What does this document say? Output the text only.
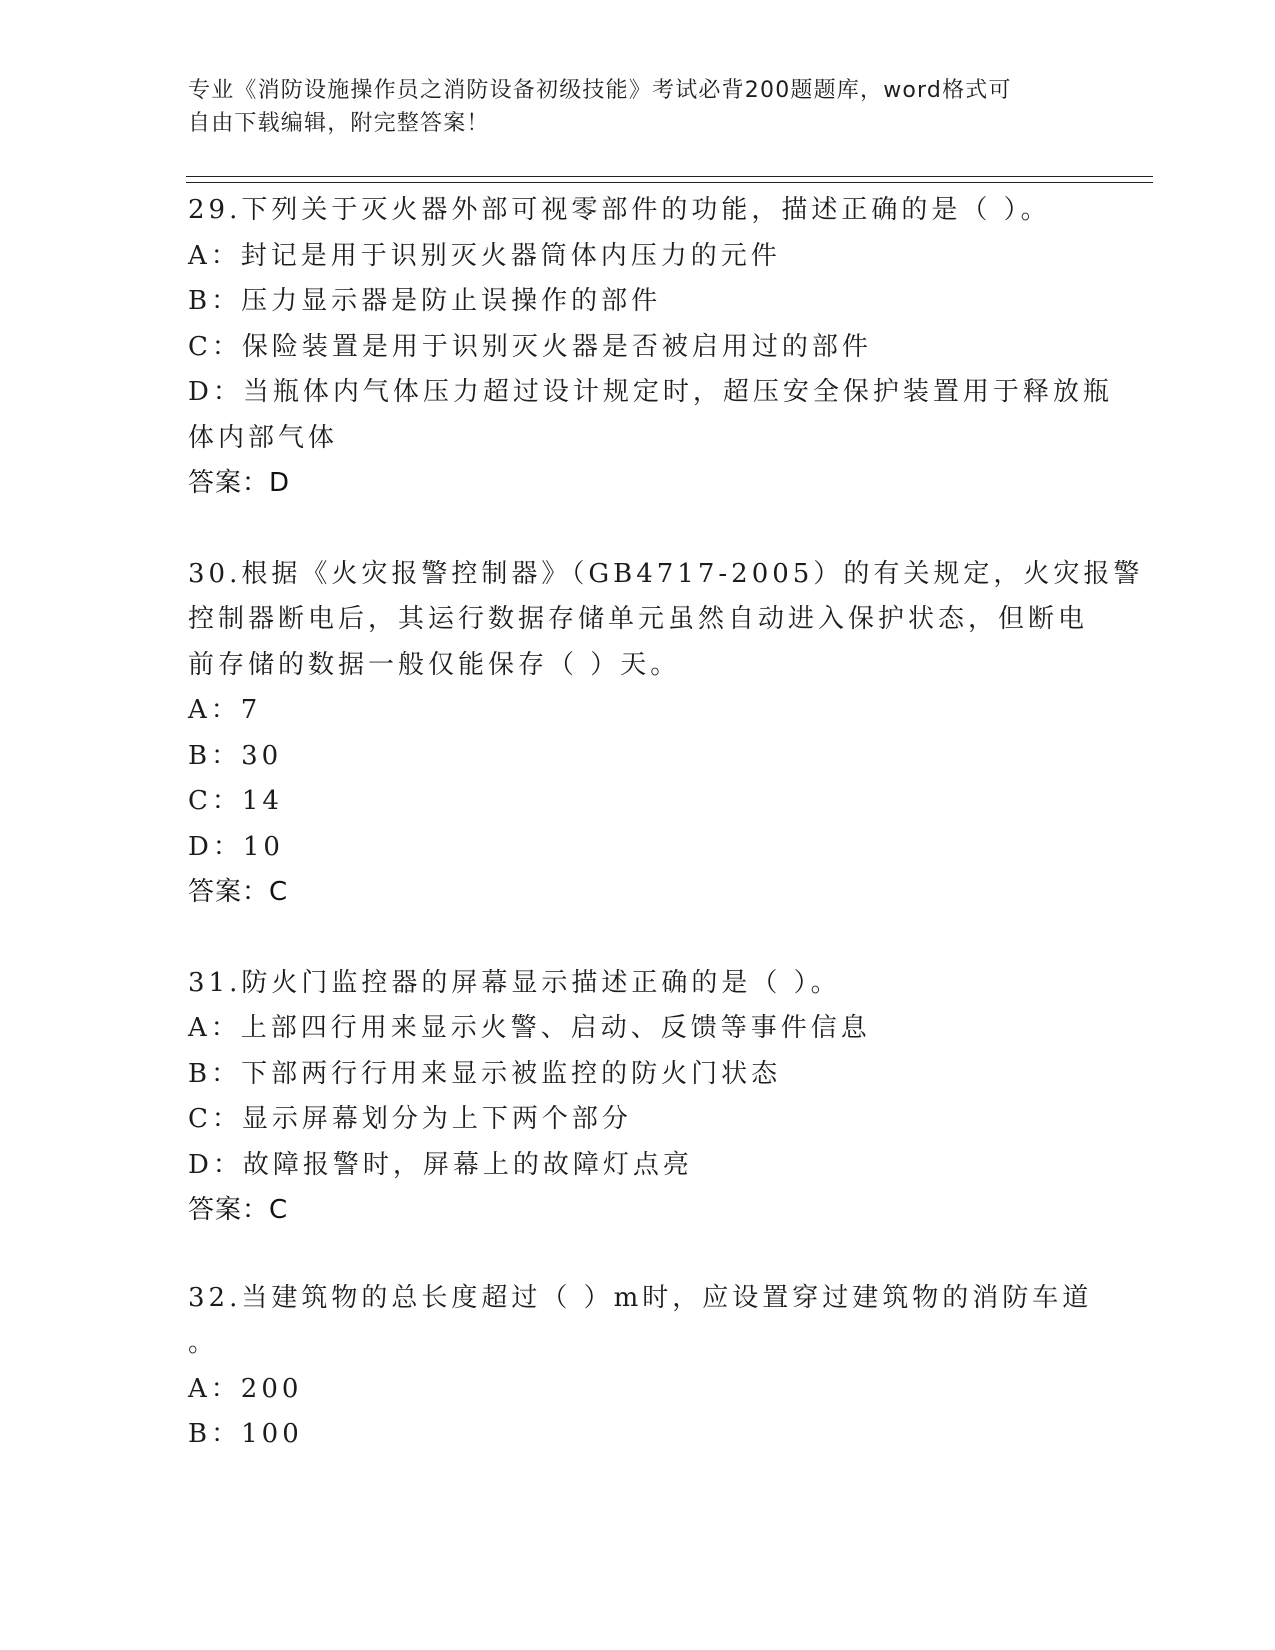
专业《消防设施操作员之消防设备初级技能》考试必背200题题库，word格式可
自由下载编辑，附完整答案！
29.下列关于灭火器外部可视零部件的功能，描述正确的是（ ）。
A：封记是用于识别灭火器筒体内压力的元件
B：压力显示器是防止误操作的部件
C：保险装置是用于识别灭火器是否被启用过的部件
D：当瓶体内气体压力超过设计规定时，超压安全保护装置用于释放瓶
体内部气体
答案：D
30.根据《火灾报警控制器》（GB4717-2005）的有关规定，火灾报警
控制器断电后，其运行数据存储单元虽然自动进入保护状态，但断电
前存储的数据一般仅能保存（ ）天。
A：7
B：30
C：14
D：10
答案：C
31.防火门监控器的屏幕显示描述正确的是（ ）。
A：上部四行用来显示火警、启动、反馈等事件信息
B：下部两行行用来显示被监控的防火门状态
C：显示屏幕划分为上下两个部分
D：故障报警时，屏幕上的故障灯点亮
答案：C
32.当建筑物的总长度超过（ ）m时，应设置穿过建筑物的消防车道
。
A：200
B：100
